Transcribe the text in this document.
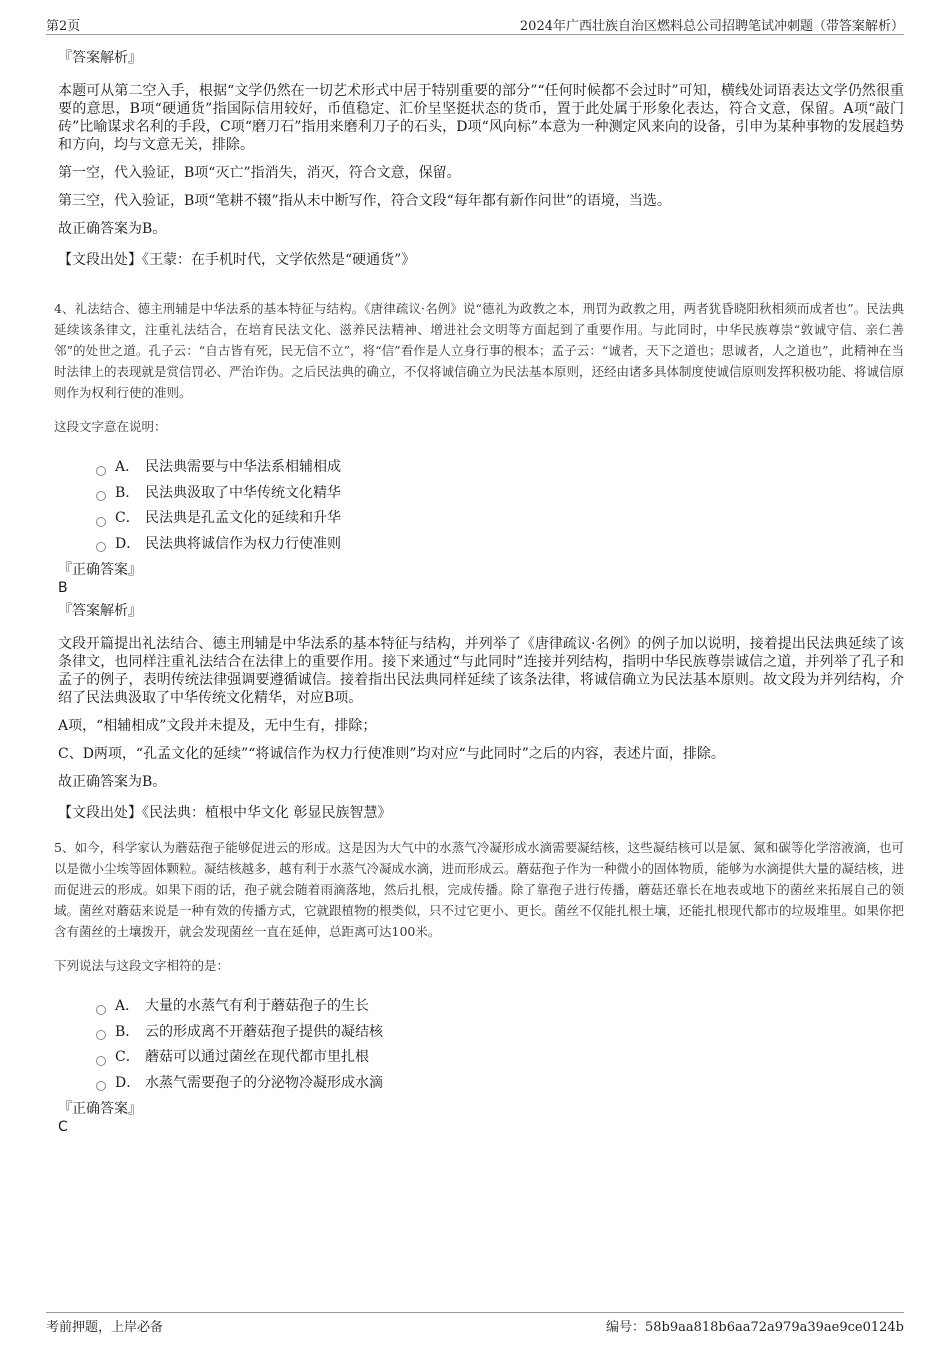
第2页	2024年广西壮族自治区燃料总公司招聘笔试冲刺题（带答案解析）
『答案解析』

本题可从第二空入手，根据“文学仍然在一切艺术形式中居于特别重要的部分”“任何时候都不会过时”可知，横线处词语表达文学仍然很重要的意思，B项“硬通货”指国际信用较好，币值稳定、汇价呈坚挺状态的货币，置于此处属于形象化表达，符合文意，保留。A项“敲门砖”比喻谋求名利的手段，C项“磨刀石”指用来磨利刀子的石头，D项“风向标”本意为一种测定风来向的设备，引申为某种事物的发展趋势和方向，均与文意无关，排除。

第一空，代入验证，B项“灭亡”指消失，消灭，符合文意，保留。

第三空，代入验证，B项“笔耕不辍”指从未中断写作，符合文段“每年都有新作问世”的语境，当选。

故正确答案为B。

【文段出处】《王蒙：在手机时代，文学依然是“硬通货”》
4、礼法结合、德主刑辅是中华法系的基本特征与结构。《唐律疏议·名例》说“德礼为政教之本，刑罚为政教之用，两者犹昏晓阳秋相须而成者也”。民法典延续该条律文，注重礼法结合，在培育民法文化、滋养民法精神、增进社会文明等方面起到了重要作用。与此同时，中华民族尊崇“敦诚守信、亲仁善邻”的处世之道。孔子云：“自古皆有死，民无信不立”，将“信”看作是人立身行事的根本；孟子云：“诚者，天下之道也；思诚者，人之道也”，此精神在当时法律上的表现就是赏信罚必、严治诈伪。之后民法典的确立，不仅将诚信确立为民法基本原则，还经由诸多具体制度使诚信原则发挥积极功能、将诚信原则作为权利行使的准则。
这段文字意在说明：
A． 民法典需要与中华法系相辅相成
B． 民法典汲取了中华传统文化精华
C． 民法典是孔孟文化的延续和升华
D． 民法典将诚信作为权力行使准则
『正确答案』
B
『答案解析』

文段开篇提出礼法结合、德主刑辅是中华法系的基本特征与结构，并列举了《唐律疏议·名例》的例子加以说明，接着提出民法典延续了该条律文，也同样注重礼法结合在法律上的重要作用。接下来通过“与此同时”连接并列结构，指明中华民族尊崇诚信之道，并列举了孔子和孟子的例子，表明传统法律强调要遵循诚信。接着指出民法典同样延续了该条法律，将诚信确立为民法基本原则。故文段为并列结构，介绍了民法典汲取了中华传统文化精华，对应B项。

A项，“相辅相成”文段并未提及，无中生有，排除；

C、D两项，“孔孟文化的延续”“将诚信作为权力行使准则”均对应“与此同时”之后的内容，表述片面，排除。

故正确答案为B。

【文段出处】《民法典：植根中华文化 彰显民族智慧》
5、如今，科学家认为蘑菇孢子能够促进云的形成。这是因为大气中的水蒸气冷凝形成水滴需要凝结核，这些凝结核可以是氯、氮和碳等化学溶液滴，也可以是微小尘埃等固体颗粒。凝结核越多，越有利于水蒸气冷凝成水滴，进而形成云。蘑菇孢子作为一种微小的固体物质，能够为水滴提供大量的凝结核，进而促进云的形成。如果下雨的话，孢子就会随着雨滴落地，然后扎根，完成传播。除了靠孢子进行传播，蘑菇还靠长在地表或地下的菌丝来拓展自己的领域。菌丝对蘑菇来说是一种有效的传播方式，它就跟植物的根类似，只不过它更小、更长。菌丝不仅能扎根土壤，还能扎根现代都市的垃圾堆里。如果你把含有菌丝的土壤拨开，就会发现菌丝一直在延伸，总距离可达100米。
下列说法与这段文字相符的是：
A． 大量的水蒸气有利于蘑菇孢子的生长
B． 云的形成离不开蘑菇孢子提供的凝结核
C． 蘑菇可以通过菌丝在现代都市里扎根
D． 水蒸气需要孢子的分泌物冷凝形成水滴
『正确答案』
C
考前押题，上岸必备	编号：58b9aa818b6aa72a979a39ae9ce0124b
